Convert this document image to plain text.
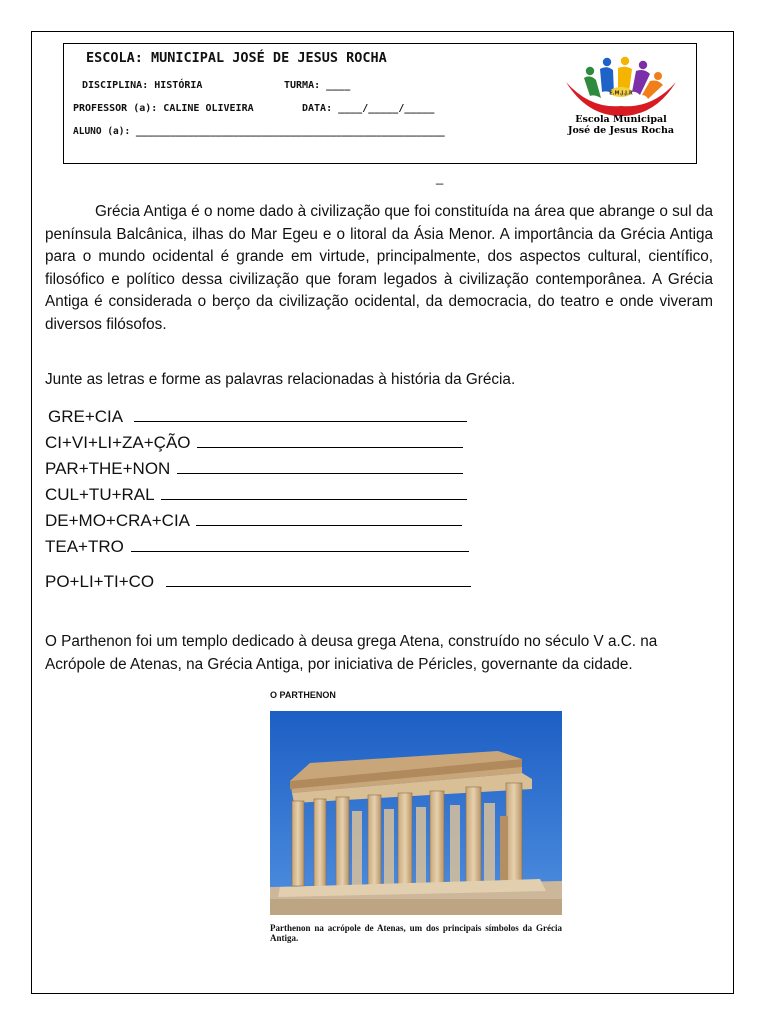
ESCOLA: MUNICIPAL JOSÉ DE JESUS ROCHA
DISCIPLINA: HISTÓRIA	TURMA: ____
PROFESSOR (a): CALINE OLIVEIRA	DATA: ____/_____/_____
ALUNO (a): ______________________________________________________
E.M.J.J.R
Escola Municipal
José de Jesus Rocha
_
Grécia Antiga é o nome dado à civilização que foi constituída na área que abrange o sul da península Balcânica, ilhas do Mar Egeu e o litoral da Ásia Menor. A importância da Grécia Antiga para o mundo ocidental é grande em virtude, principalmente, dos aspectos cultural, científico, filosófico e político dessa civilização que foram legados à civilização contemporânea. A Grécia Antiga é considerada o berço da civilização ocidental, da democracia, do teatro e onde viveram diversos filósofos.
Junte as letras e forme as palavras relacionadas à história da Grécia.
GRE+CIA
CI+VI+LI+ZA+ÇÃO
PAR+THE+NON
CUL+TU+RAL
DE+MO+CRA+CIA
TEA+TRO
PO+LI+TI+CO
O Parthenon foi um templo dedicado à deusa grega Atena, construído no século V a.C. na Acrópole de Atenas, na Grécia Antiga, por iniciativa de Péricles, governante da cidade.
O PARTHENON
Parthenon na acrópole de Atenas, um dos principais símbolos da Grécia Antiga.
